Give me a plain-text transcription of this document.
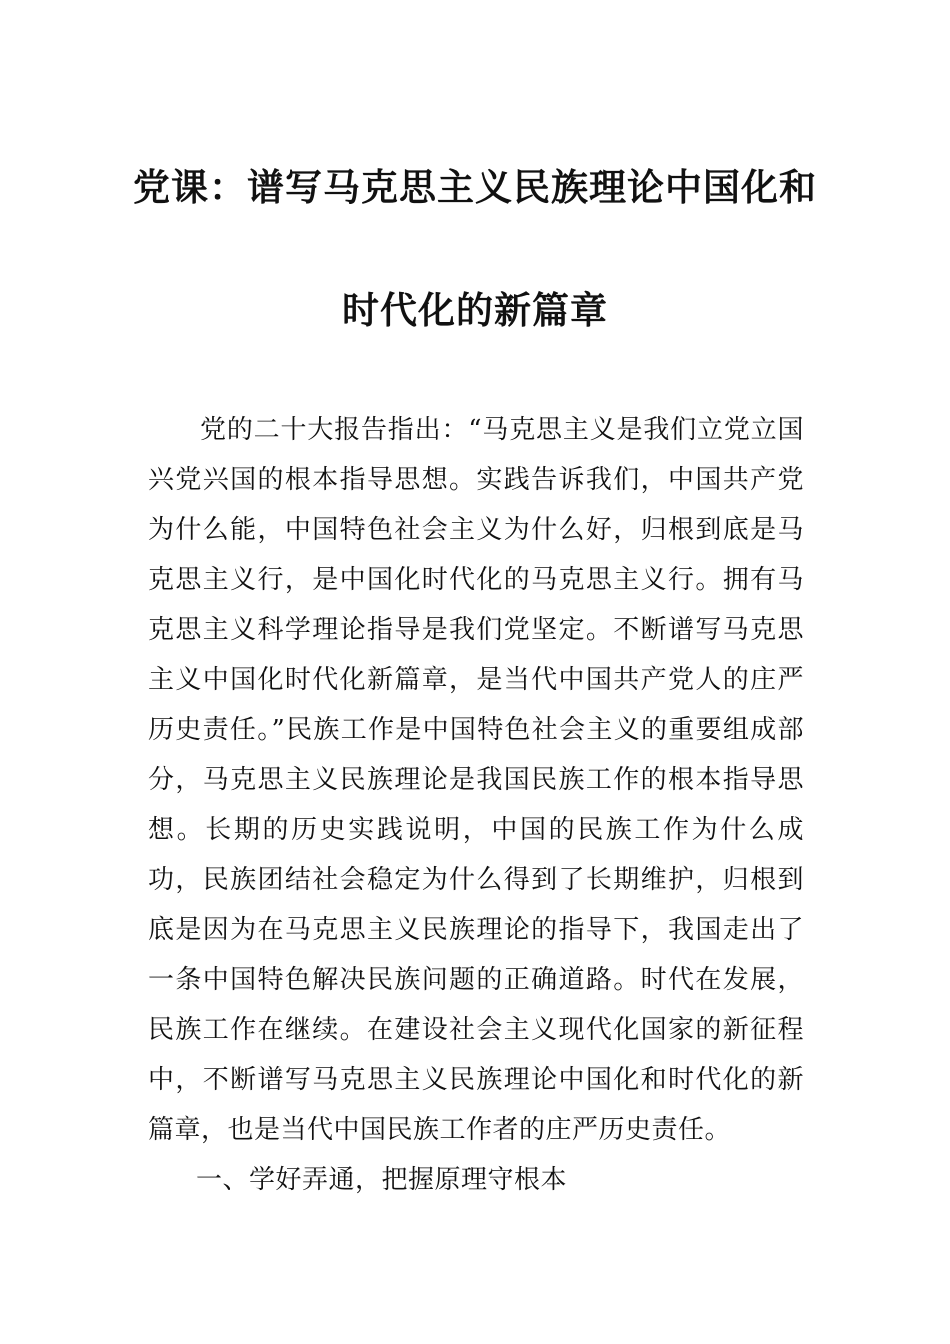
党课：谱写马克思主义民族理论中国化和
时代化的新篇章

党的二十大报告指出：“马克思主义是我们立党立国兴党兴国的根本指导思想。实践告诉我们，中国共产党为什么能，中国特色社会主义为什么好，归根到底是马克思主义行，是中国化时代化的马克思主义行。拥有马克思主义科学理论指导是我们党坚定。不断谱写马克思主义中国化时代化新篇章，是当代中国共产党人的庄严历史责任。”民族工作是中国特色社会主义的重要组成部分，马克思主义民族理论是我国民族工作的根本指导思想。长期的历史实践说明，中国的民族工作为什么成功，民族团结社会稳定为什么得到了长期维护，归根到底是因为在马克思主义民族理论的指导下，我国走出了一条中国特色解决民族问题的正确道路。时代在发展，民族工作在继续。在建设社会主义现代化国家的新征程中，不断谱写马克思主义民族理论中国化和时代化的新篇章，也是当代中国民族工作者的庄严历史责任。

一、学好弄通，把握原理守根本
